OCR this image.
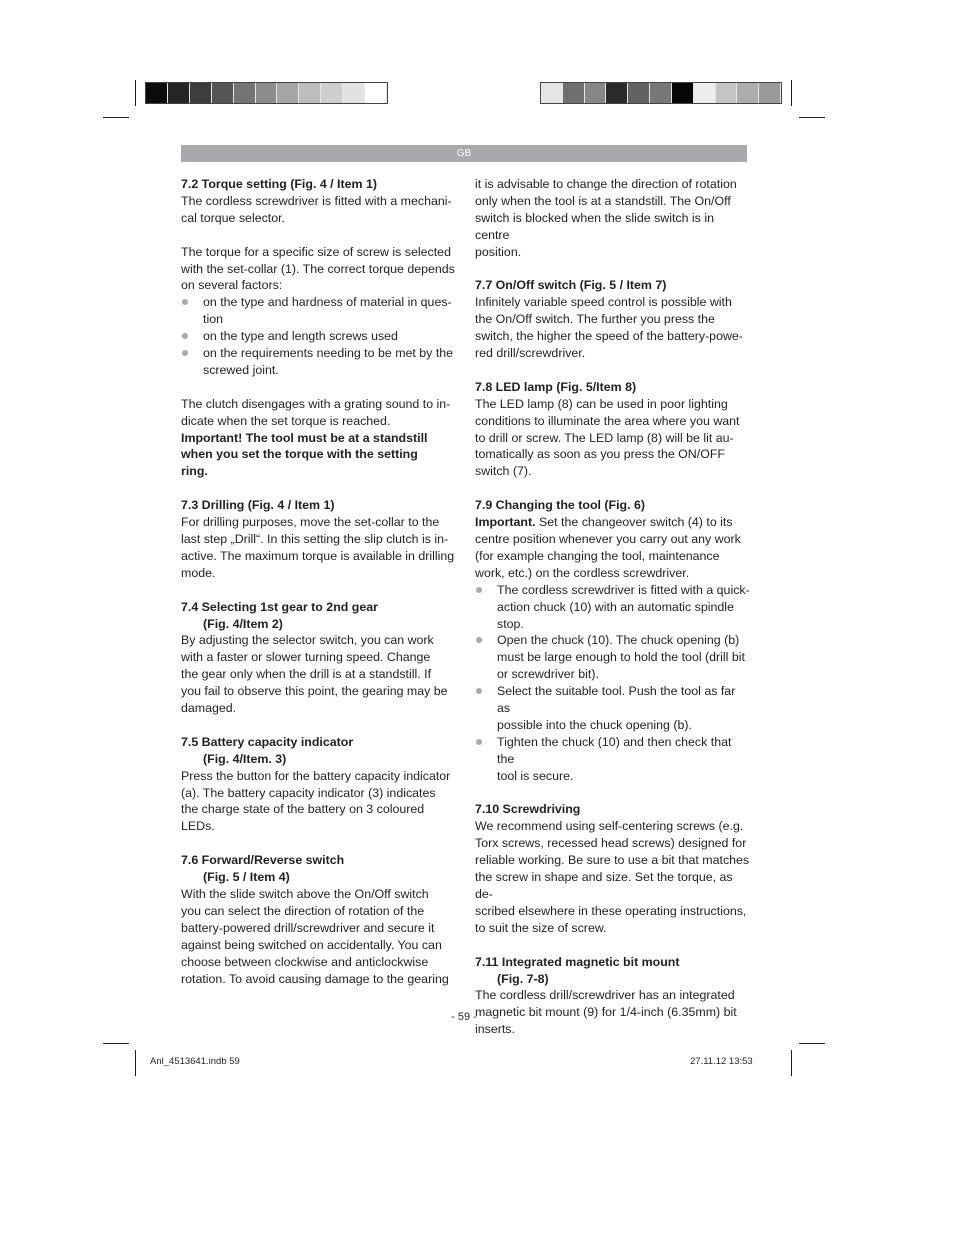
GB

7.2 Torque setting (Fig. 4 / Item 1)

The cordless screwdriver is fitted with a mechani-

cal torque selector.

The torque for a specific size of screw is selected

with the set-collar (1). The correct torque depends

on several factors:

on the type and hardness of material in ques-
tion
on the type and length screws used
on the requirements needing to be met by the
screwed joint.

The clutch disengages with a grating sound to in-

dicate when the set torque is reached.

Important! The tool must be at a standstill
when you set the torque with the setting
ring.

7.3 Drilling (Fig. 4 / Item 1)

For drilling purposes, move the set-collar to the

last step „Drill“. In this setting the slip clutch is in-

active. The maximum torque is available in drilling

mode.

7.4 Selecting 1st gear to 2nd gear
(Fig. 4/Item 2)

By adjusting the selector switch, you can work

with a faster or slower turning speed. Change

the gear only when the drill is at a standstill. If

you fail to observe this point, the gearing may be

damaged.

7.5 Battery capacity indicator
(Fig. 4/Item. 3)

Press the button for the battery capacity indicator

(a). The battery capacity indicator (3) indicates

the charge state of the battery on 3 coloured

LEDs.

7.6 Forward/Reverse switch
(Fig. 5 / Item 4)

With the slide switch above the On/Off switch

you can select the direction of rotation of the

battery-powered drill/screwdriver and secure it

against being switched on accidentally. You can

choose between clockwise and anticlockwise

rotation. To avoid causing damage to the gearing

it is advisable to change the direction of rotation

only when the tool is at a standstill. The On/Off

switch is blocked when the slide switch is in centre

position.

7.7 On/Off switch (Fig. 5 / Item 7)

Infinitely variable speed control is possible with

the On/Off switch. The further you press the

switch, the higher the speed of the battery-powe-

red drill/screwdriver.

7.8 LED lamp (Fig. 5/Item 8)

The LED lamp (8) can be used in poor lighting

conditions to illuminate the area where you want

to drill or screw. The LED lamp (8) will be lit au-

tomatically as soon as you press the ON/OFF

switch (7).

7.9 Changing the tool (Fig. 6)

Important. Set the changeover switch (4) to its

centre position whenever you carry out any work

(for example changing the tool, maintenance

work, etc.) on the cordless screwdriver.

The cordless screwdriver is fitted with a quick-
action chuck (10) with an automatic spindle
stop.
Open the chuck (10). The chuck opening (b)
must be large enough to hold the tool (drill bit
or screwdriver bit).
Select the suitable tool. Push the tool as far as
possible into the chuck opening (b).
Tighten the chuck (10) and then check that the
tool is secure.

7.10 Screwdriving

We recommend using self-centering screws (e.g.

Torx screws, recessed head screws) designed for

reliable working. Be sure to use a bit that matches

the screw in shape and size. Set the torque, as de-

scribed elsewhere in these operating instructions,

to suit the size of screw.

7.11 Integrated magnetic bit mount
(Fig. 7-8)

The cordless drill/screwdriver has an integrated

magnetic bit mount (9) for 1/4-inch (6.35mm) bit

inserts.

- 59 -
Anl_4513641.indb 59	27.11.12 13:53
